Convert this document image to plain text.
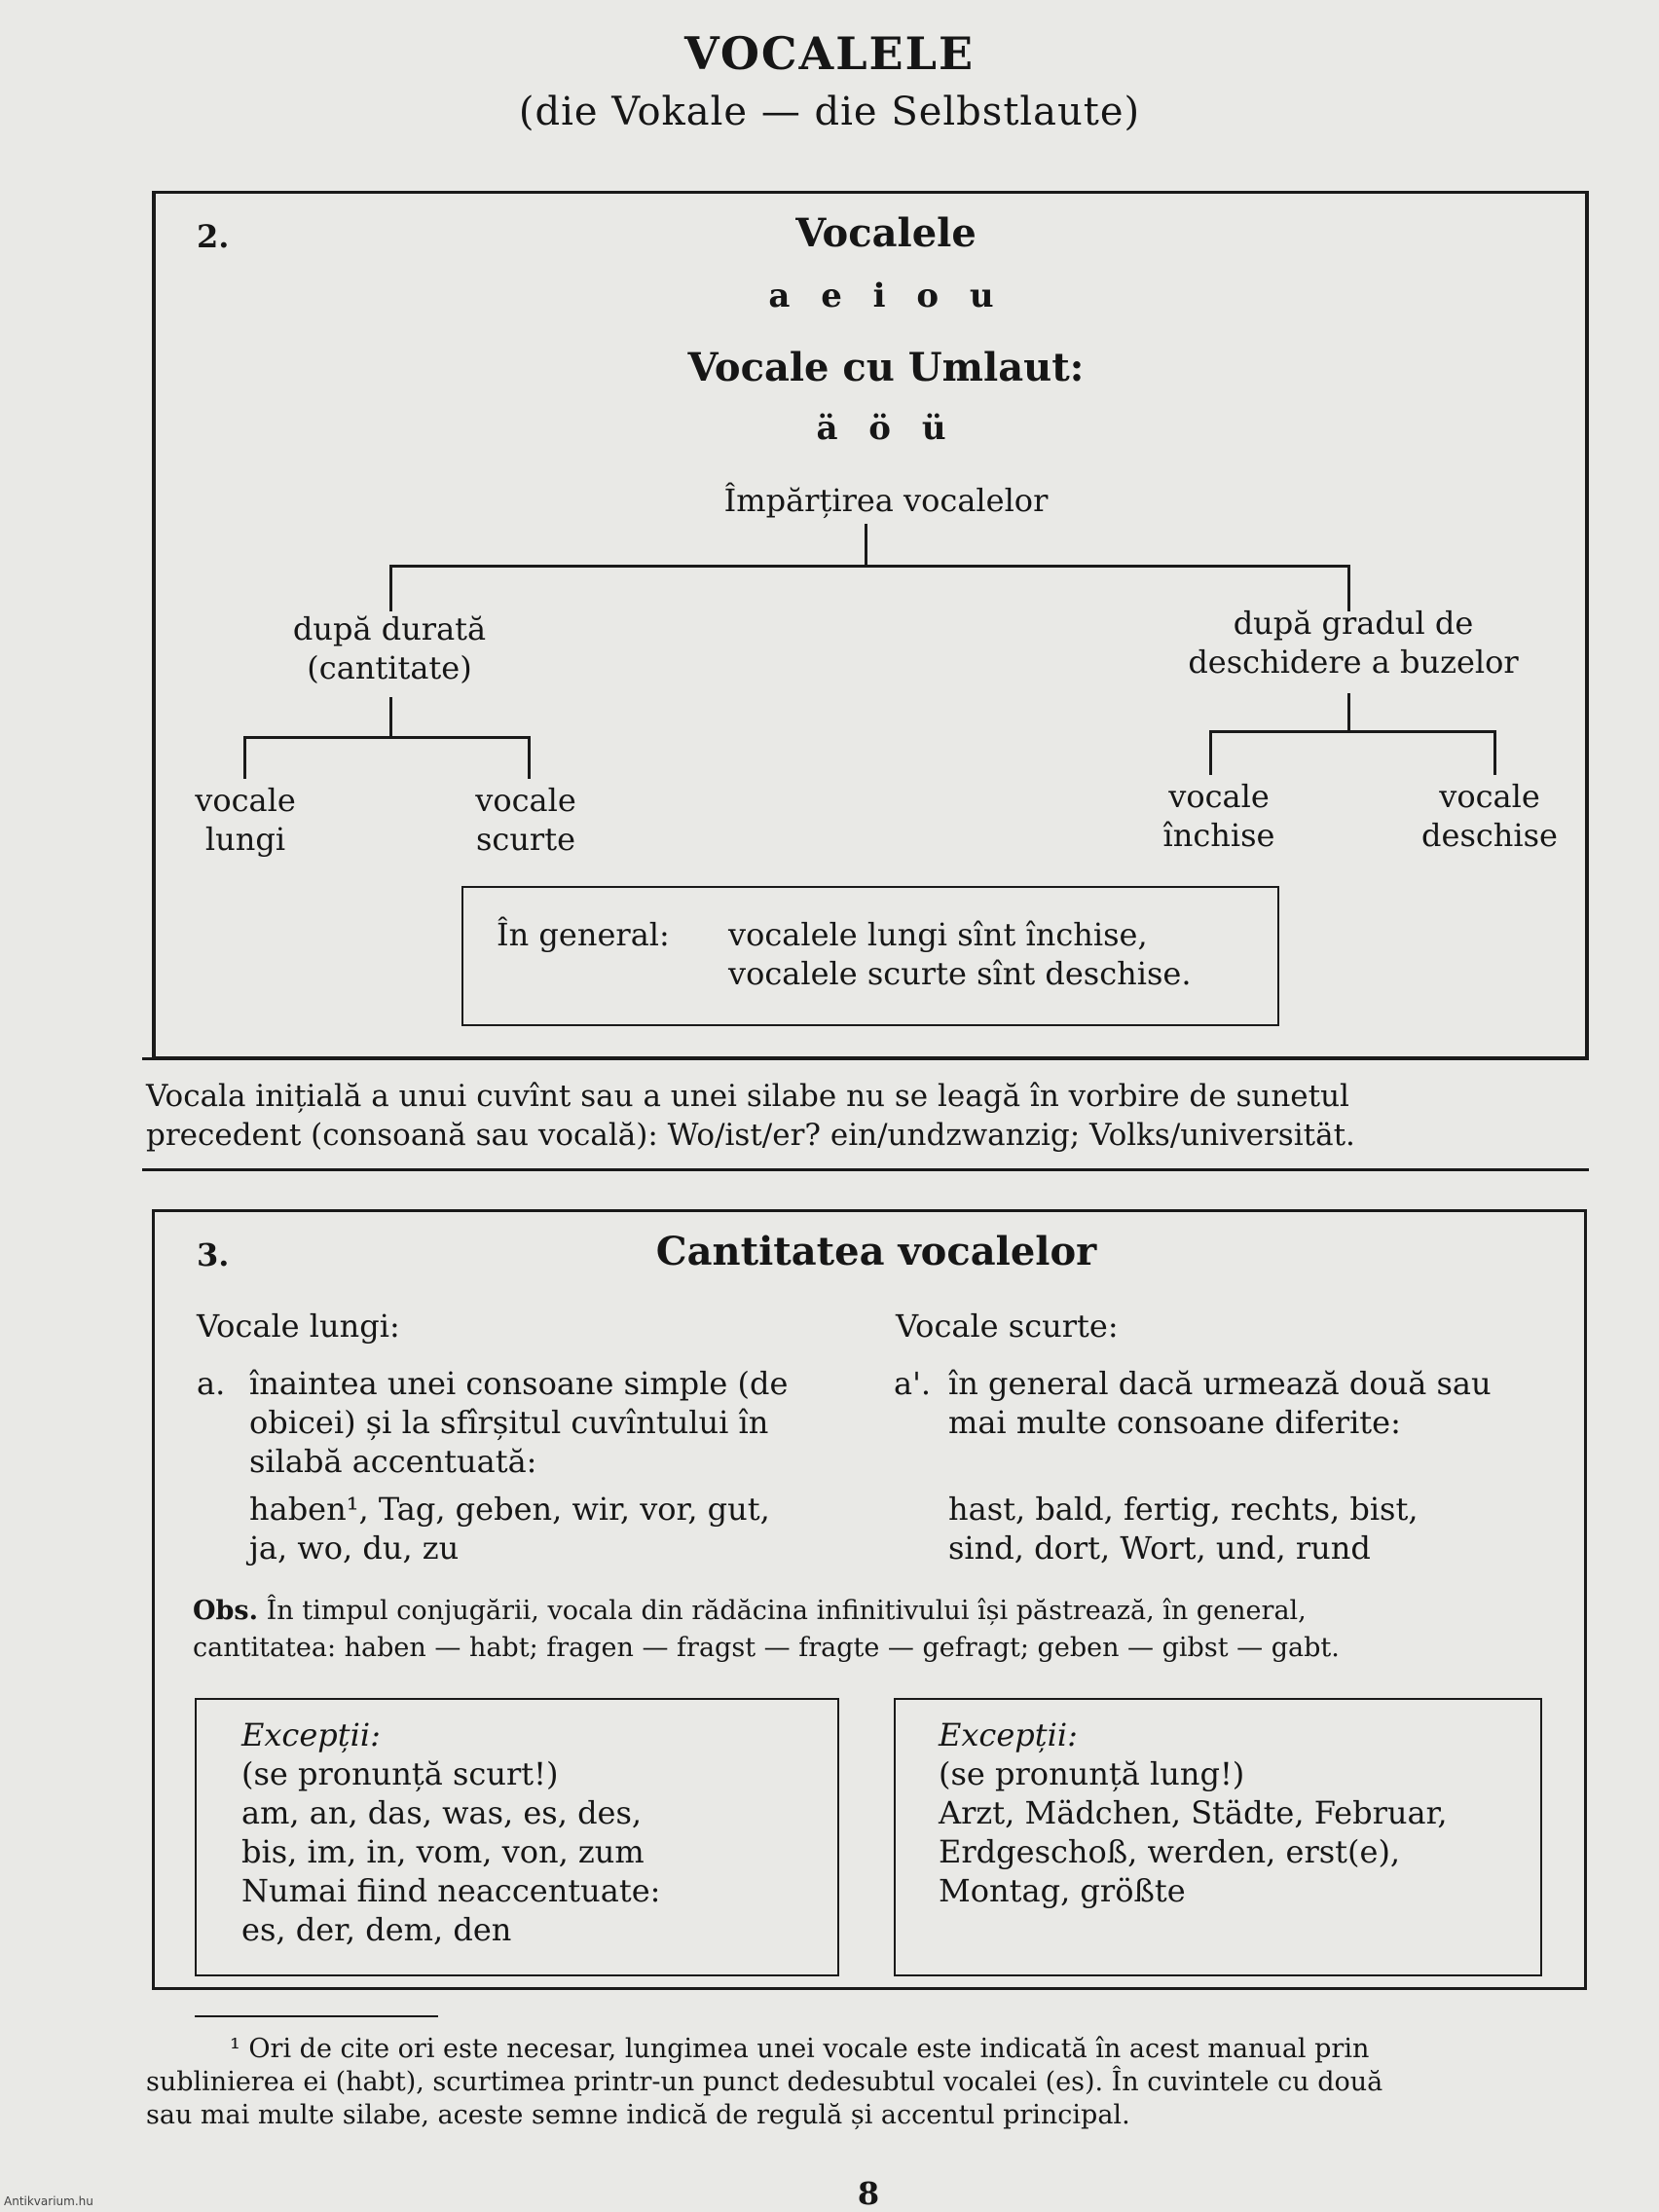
VOCALELE
(die Vokale — die Selbstlaute)
2.	Vocalele
a e i o u
Vocale cu Umlaut:
ä ö ü
Împărțirea vocalelor
după durată
(cantitate)
după gradul de
deschidere a buzelor
vocale
lungi
vocale
scurte
vocale
închise
vocale
deschise
În general: vocalele lungi sînt închise,
vocalele scurte sînt deschise.
Vocala inițială a unui cuvînt sau a unei silabe nu se leagă în vorbire de sunetul
precedent (consoană sau vocală): Wo/ist/er? ein/undzwanzig; Volks/universität.
3.	Cantitatea vocalelor
Vocale lungi:	Vocale scurte:
a. înaintea unei consoane simple (de
obicei) și la sfîrșitul cuvîntului în
silabă accentuată:
haben¹, Tag, geben, wir, vor, gut,
ja, wo, du, zu
a'. în general dacă urmează două sau
mai multe consoane diferite:
hast, bald, fertig, rechts, bist,
sind, dort, Wort, und, rund
Obs. În timpul conjugării, vocala din rădăcina infinitivului își păstrează, în general,
cantitatea: haben — habt; fragen — fragst — fragte — gefragt; geben — gibst — gabt.
Excepții:
(se pronunță scurt!)
am, an, das, was, es, des,
bis, im, in, vom, von, zum
Numai fiind neaccentuate:
es, der, dem, den
Excepții:
(se pronunță lung!)
Arzt, Mädchen, Städte, Februar,
Erdgeschoß, werden, erst(e),
Montag, größte
¹ Ori de cite ori este necesar, lungimea unei vocale este indicată în acest manual prin
sublinierea ei (habt), scurtimea printr-un punct dedesubtul vocalei (es). În cuvintele cu două
sau mai multe silabe, aceste semne indică de regulă și accentul principal.
8
Antikvarium.hu
